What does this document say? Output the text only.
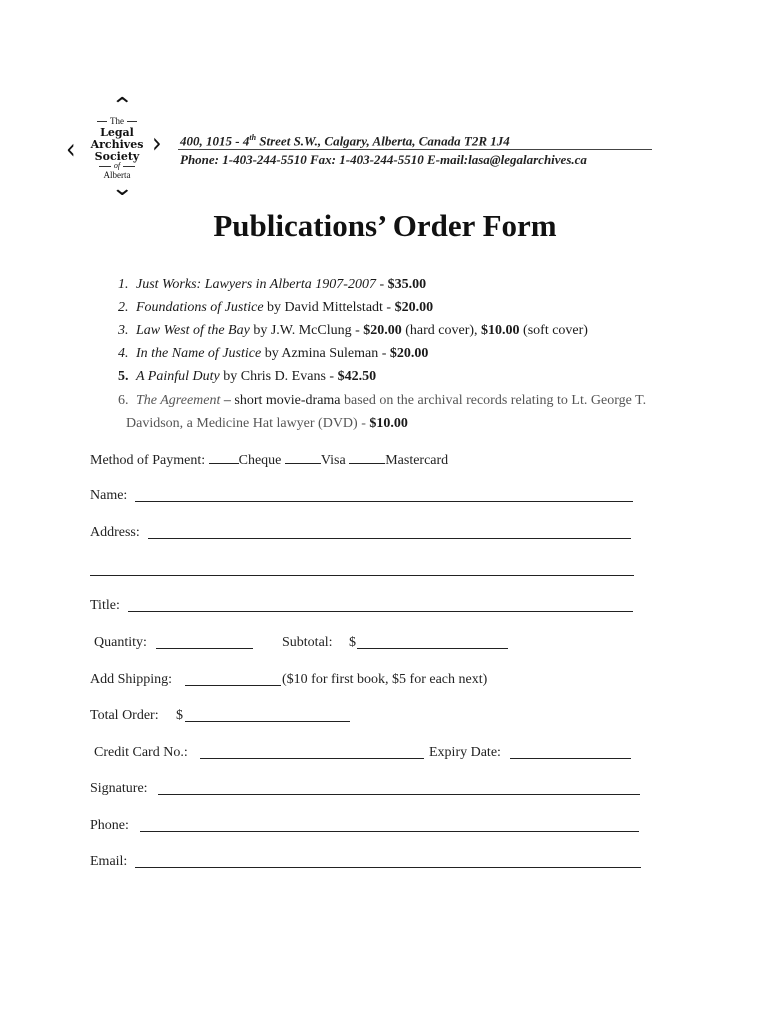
⌃
‹	›
⌄
The
Legal
Archives
Society
of
Alberta
400, 1015 - 4th Street S.W., Calgary, Alberta, Canada T2R 1J4
Phone: 1-403-244-5510 Fax: 1-403-244-5510 E-mail:lasa@legalarchives.ca
Publications’ Order Form
1. Just Works: Lawyers in Alberta 1907-2007 - $35.00
2. Foundations of Justice by David Mittelstadt - $20.00
3. Law West of the Bay by J.W. McClung - $20.00 (hard cover), $10.00 (soft cover)
4. In the Name of Justice by Azmina Suleman - $20.00
5. A Painful Duty by Chris D. Evans - $42.50
6. The Agreement – short movie-drama based on the archival records relating to Lt. George T.
Davidson, a Medicine Hat lawyer (DVD) - $10.00
Method of Payment: Cheque	Visa	Mastercard
Name:
Address:
Title:
Quantity:	Subtotal: $
Add Shipping:	($10 for first book, $5 for each next)
Total Order: $
Credit Card No.:	Expiry Date:
Signature:
Phone:
Email:
